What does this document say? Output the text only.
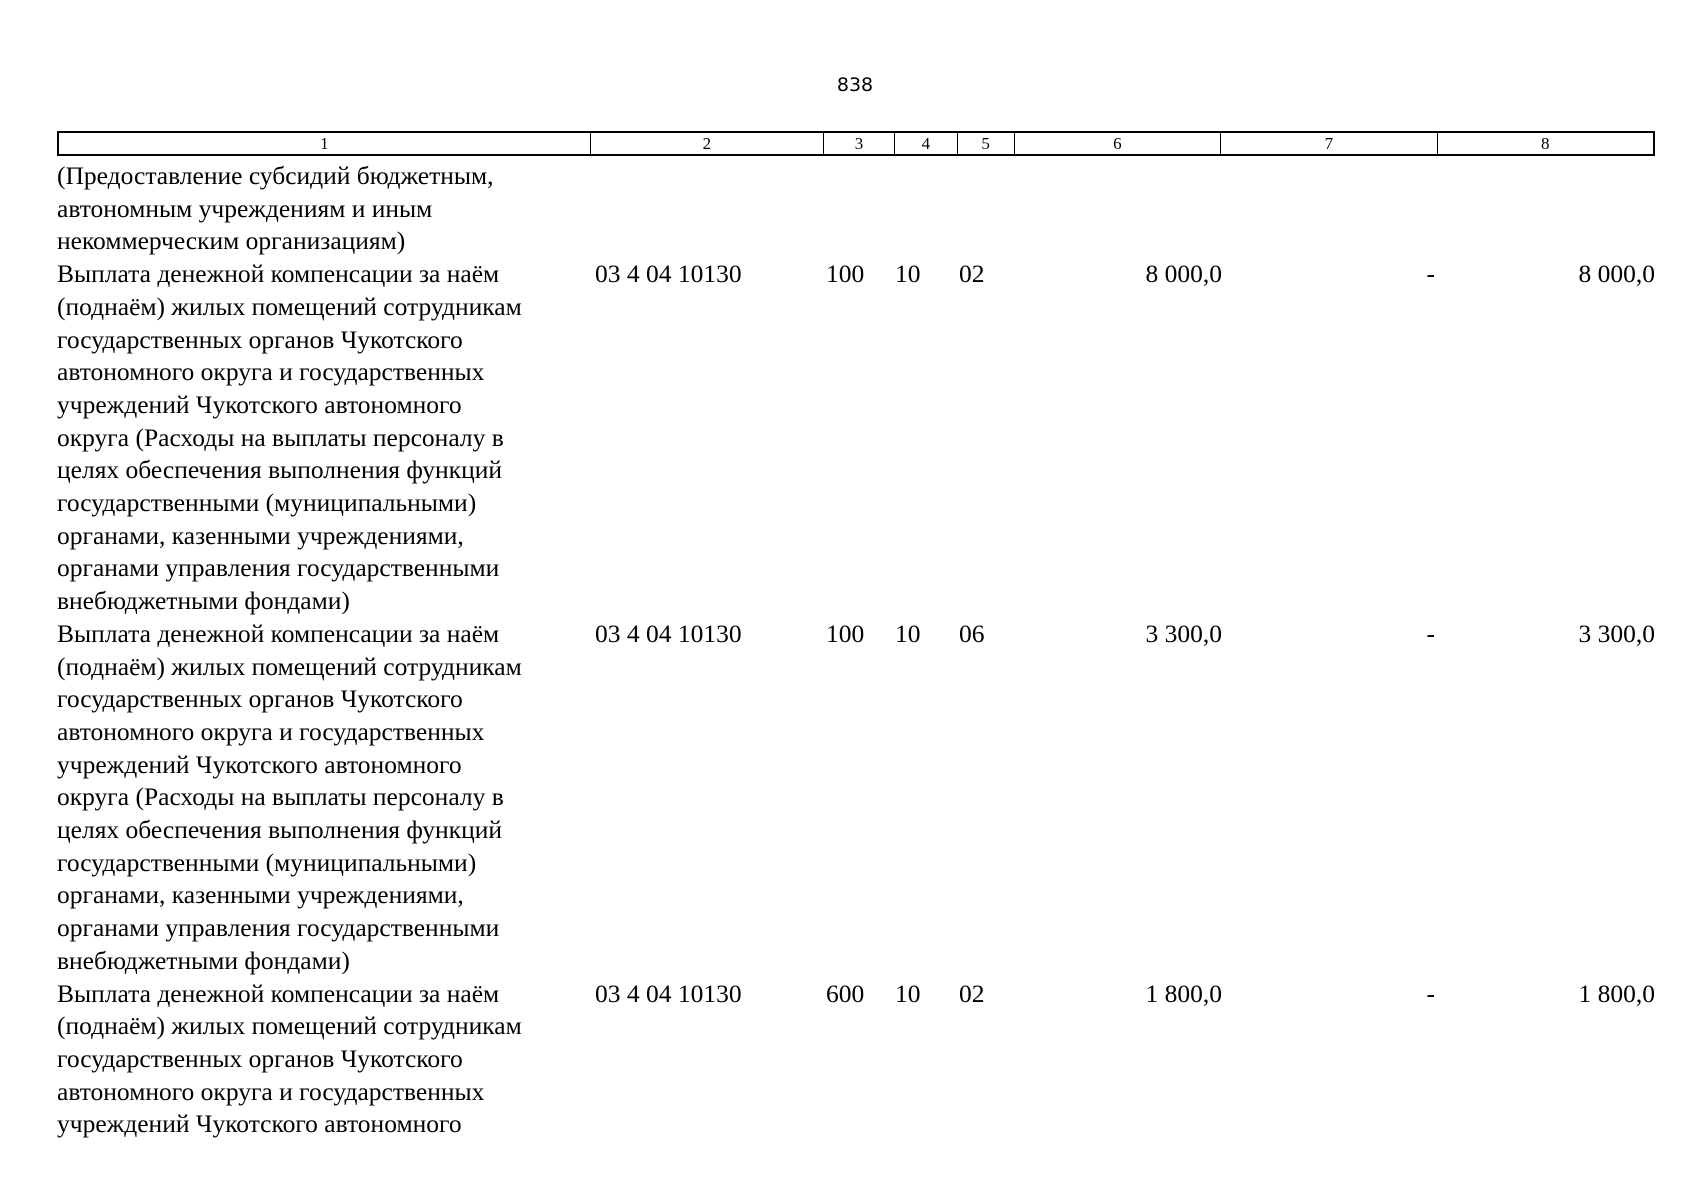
838
1	2	3	4	5	6	7	8
(Предоставление субсидий бюджетным,
автономным учреждениям и иным
некоммерческим организациям)
Выплата денежной компенсации за наём
(поднаём) жилых помещений сотрудникам
государственных органов Чукотского
автономного округа и государственных
учреждений Чукотского автономного
округа (Расходы на выплаты персоналу в
целях обеспечения выполнения функций
государственными (муниципальными)
органами, казенными учреждениями,
органами управления государственными
внебюджетными фондами)
03 4 04 10130	100	10	02	8 000,0	-	8 000,0
Выплата денежной компенсации за наём
(поднаём) жилых помещений сотрудникам
государственных органов Чукотского
автономного округа и государственных
учреждений Чукотского автономного
округа (Расходы на выплаты персоналу в
целях обеспечения выполнения функций
государственными (муниципальными)
органами, казенными учреждениями,
органами управления государственными
внебюджетными фондами)
03 4 04 10130	100	10	06	3 300,0	-	3 300,0
Выплата денежной компенсации за наём
(поднаём) жилых помещений сотрудникам
государственных органов Чукотского
автономного округа и государственных
учреждений Чукотского автономного
03 4 04 10130	600	10	02	1 800,0	-	1 800,0
